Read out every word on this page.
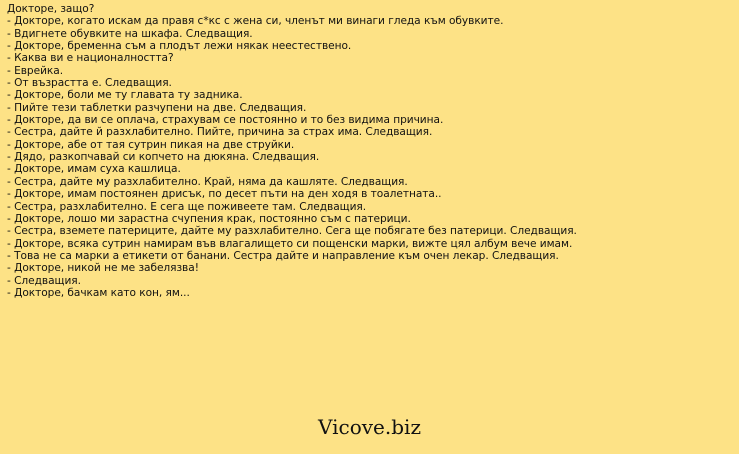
Докторе, защо?
- Докторе, когато искам да правя с*кс с жена си, членът ми винаги гледа към обувките.
- Вдигнете обувките на шкафа. Следващия.
- Докторе, бременна съм а плодът лежи някак неестествено.
- Каква ви е националността?
- Еврейка.
- От възрастта е. Следващия.
- Докторе, боли ме ту главата ту задника.
- Пийте тези таблетки разчупени на две. Следващия.
- Докторе, да ви се оплача, страхувам се постоянно и то без видима причина.
- Сестра, дайте й разхлабително. Пийте, причина за страх има. Следващия.
- Докторе, абе от тая сутрин пикая на две струйки.
- Дядо, разкопчавай си копчето на дюкяна. Следващия.
- Докторе, имам суха кашлица.
- Сестра, дайте му разхлабително. Край, няма да кашляте. Следващия.
- Докторе, имам постоянен дрисък, по десет пъти на ден ходя в тоалетната..
- Сестра, разхлабително. Е сега ще поживеете там. Следващия.
- Докторе, лошо ми зарастна счупения крак, постоянно съм с патерици.
- Сестра, вземете патериците, дайте му разхлабително. Сега ще побягате без патерици. Следващия.
- Докторе, всяка сутрин намирам във влагалището си пощенски марки, вижте цял албум вече имам.
- Това не са марки а етикети от банани. Сестра дайте и направление към очен лекар. Следващия.
- Докторе, никой не ме забелязва!
- Следващия.
- Докторе, бачкам като кон, ям...
Vicove.biz
